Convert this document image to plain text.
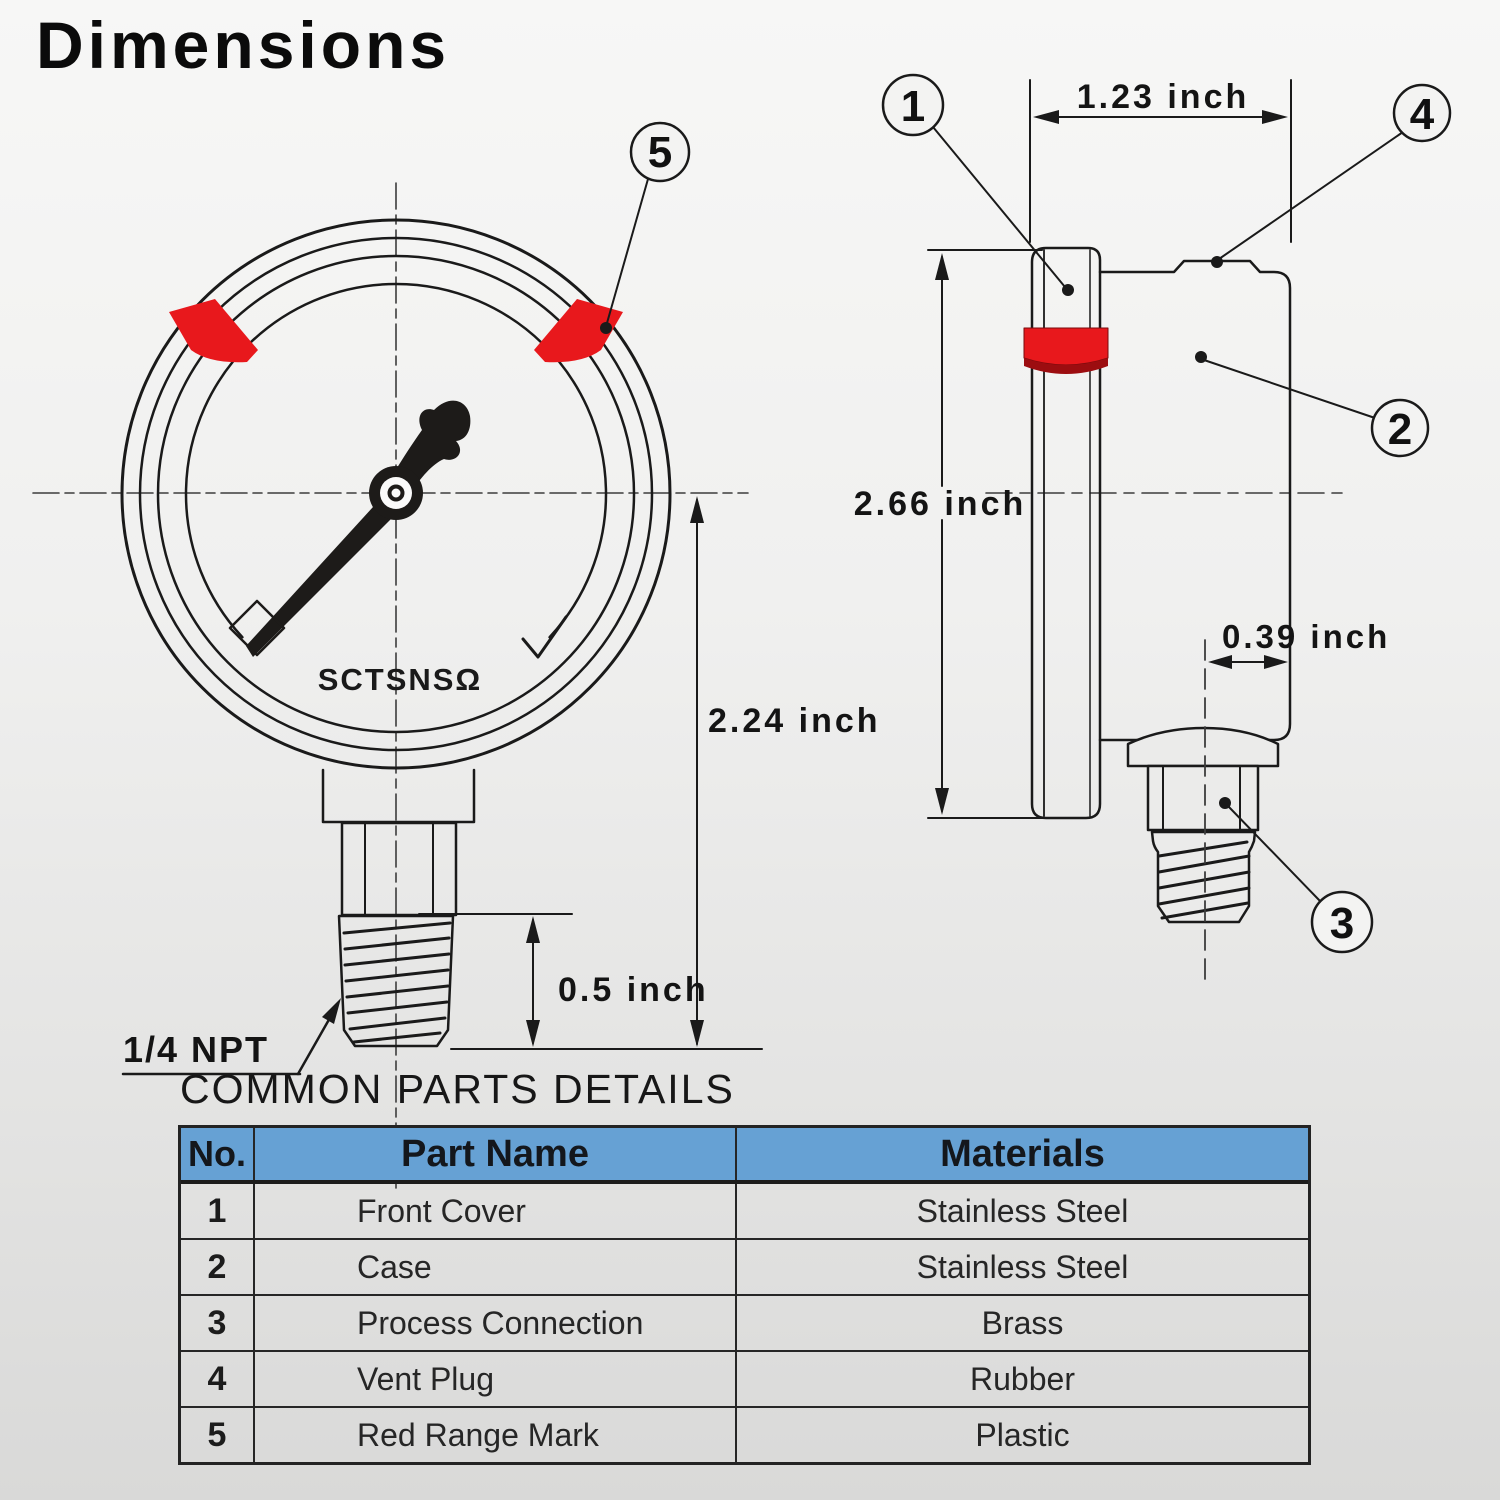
Dimensions
SCTSNSΩ
2.24 inch
0.5 inch
1/4 NPT
5
1.23 inch
2.66 inch
0.39 inch
1	4
2
3
COMMON PARTS DETAILS
No.	Part Name	Materials
1	Front Cover	Stainless Steel
2	Case	Stainless Steel
3	Process Connection	Brass
4	Vent Plug	Rubber
5	Red Range Mark	Plastic
